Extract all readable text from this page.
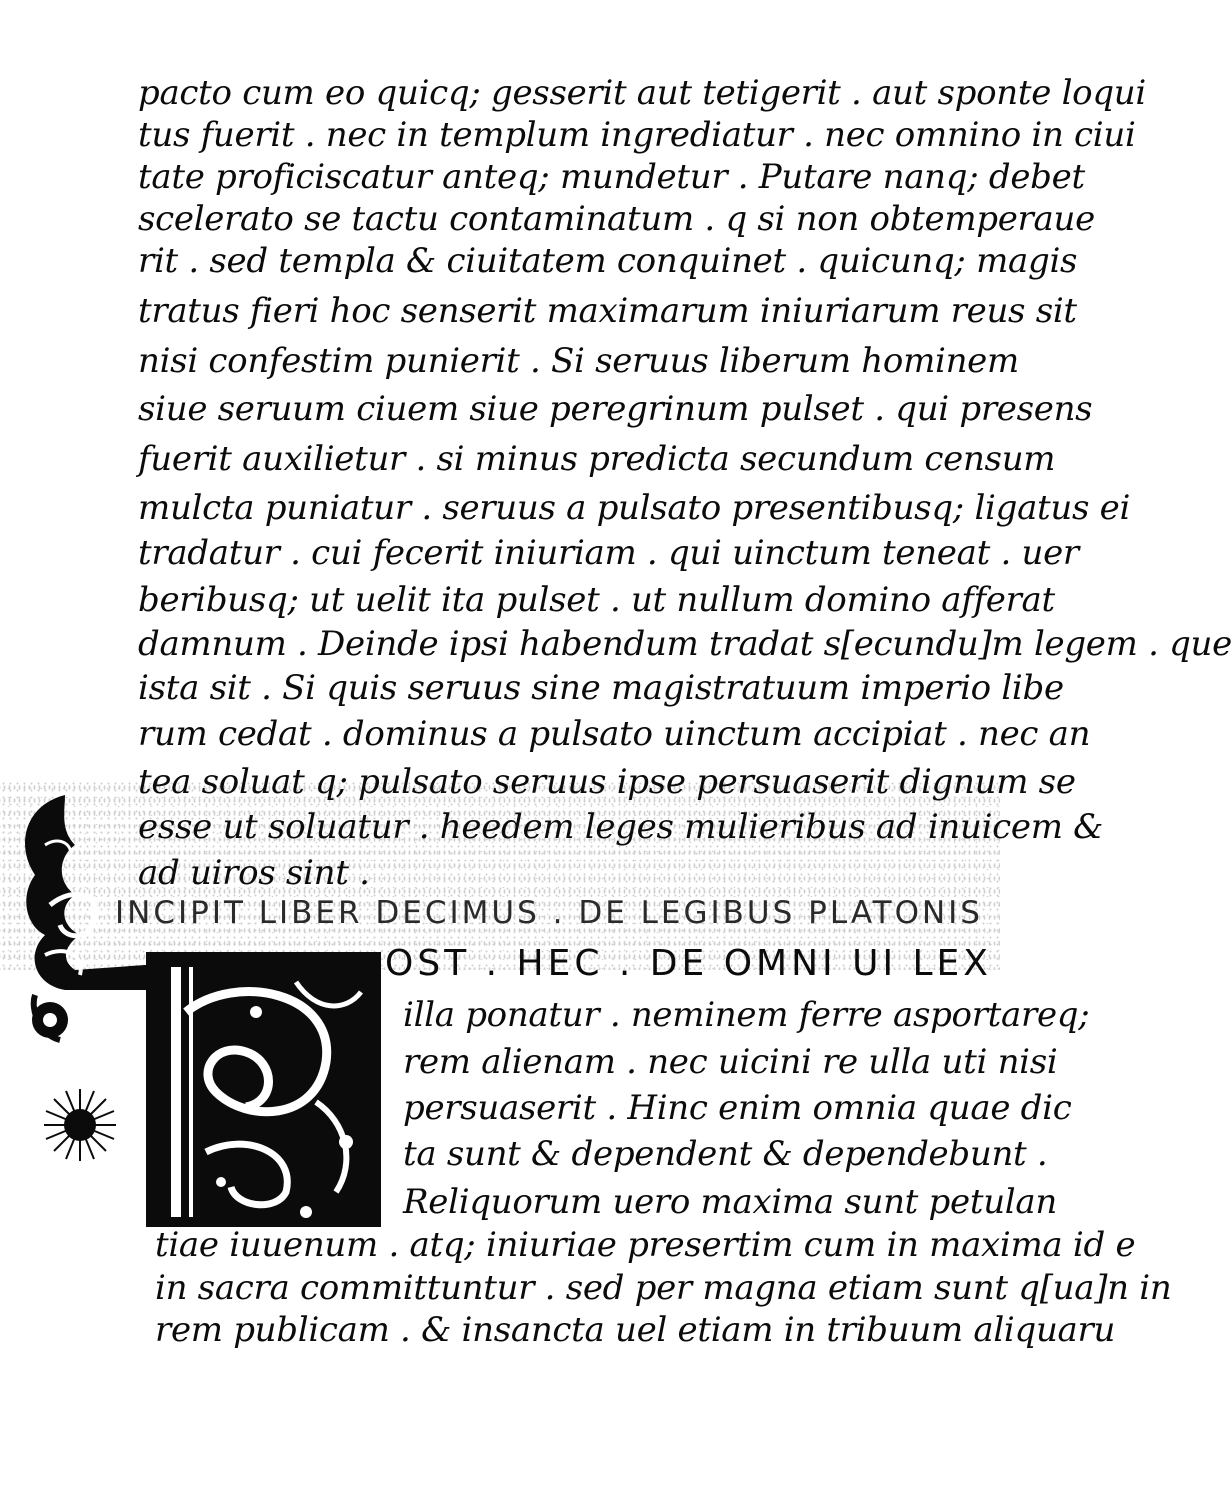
pacto cum eo quicq; gesserit aut tetigerit . aut sponte loqui

tus fuerit . nec in templum ingrediatur . nec omnino in ciui

tate proficiscatur anteq; mundetur . Putare nanq; debet

scelerato se tactu contaminatum . q si non obtemperaue

rit . sed templa & ciuitatem conquinet . quicunq; magis

tratus fieri hoc senserit maximarum iniuriarum reus sit

nisi confestim punierit . Si seruus liberum hominem

siue seruum ciuem siue peregrinum pulset . qui presens

fuerit auxilietur . si minus predicta secundum censum

mulcta puniatur . seruus a pulsato presentibusq; ligatus ei

tradatur . cui fecerit iniuriam . qui uinctum teneat . uer

beribusq; ut uelit ita pulset . ut nullum domino afferat

damnum . Deinde ipsi habendum tradat s[ecundu]m legem . que

ista sit . Si quis seruus sine magistratuum imperio libe

rum cedat . dominus a pulsato uinctum accipiat . nec an

tea soluat q; pulsato seruus ipse persuaserit dignum se

esse ut soluatur . heedem leges mulieribus ad inuicem &

ad uiros sint .

INCIPIT LIBER DECIMUS . DE LEGIBUS PLATONIS

OST . HEC . DE OMNI UI LEX

illa ponatur . neminem ferre asportareq;

rem alienam . nec uicini re ulla uti nisi

persuaserit . Hinc enim omnia quae dic

ta sunt & dependent & dependebunt .

Reliquorum uero maxima sunt petulan

tiae iuuenum . atq; iniuriae presertim cum in maxima id e

in sacra committuntur . sed per magna etiam sunt q[ua]n in

rem publicam . & insancta uel etiam in tribuum aliquaru
